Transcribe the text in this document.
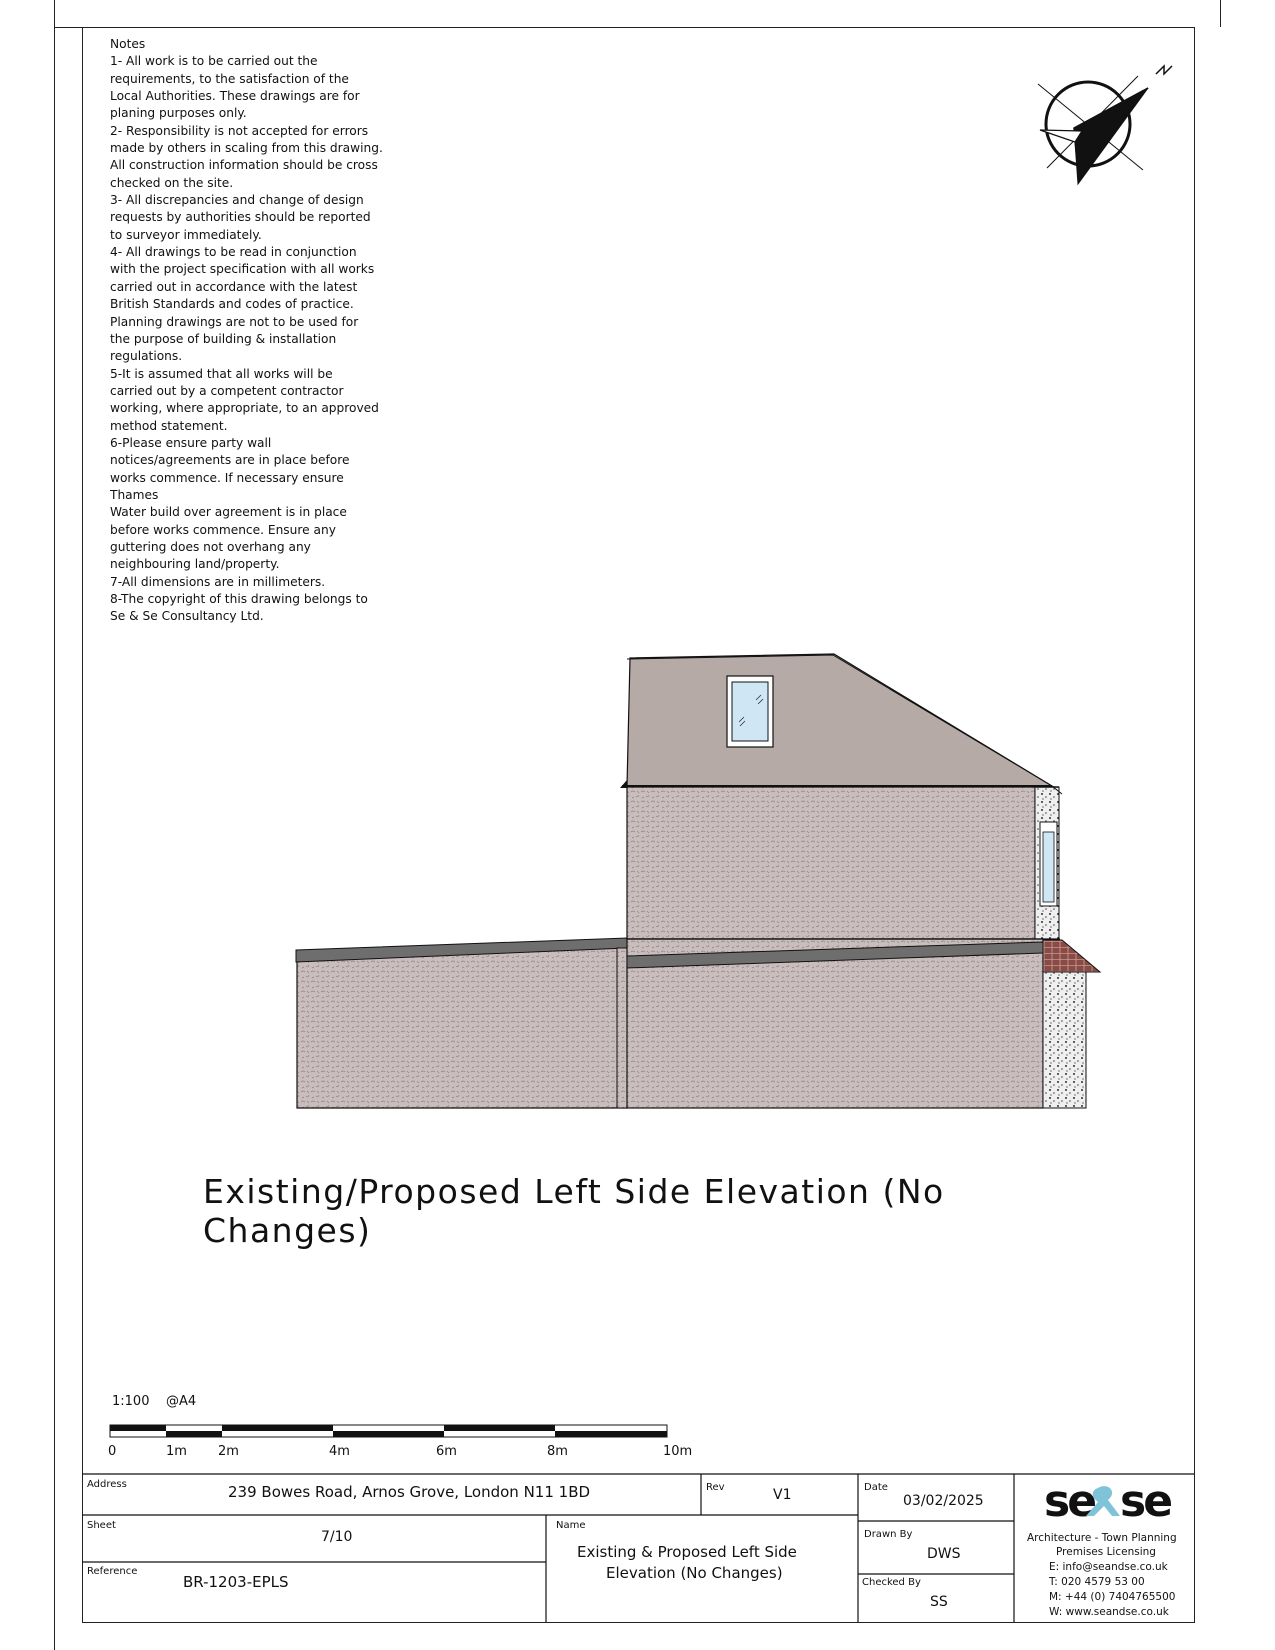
Notes
1- All work is to be carried out the
requirements, to the satisfaction of the
Local Authorities. These drawings are for
planing purposes only.
2- Responsibility is not accepted for errors
made by others in scaling from this drawing.
All construction information should be cross
checked on the site.
3- All discrepancies and change of design
requests by authorities should be reported
to surveyor immediately.
4- All drawings to be read in conjunction
with the project specification with all works
carried out in accordance with the latest
British Standards and codes of practice.
Planning drawings are not to be used for
the purpose of building & installation
regulations.
5-It is assumed that all works will be
carried out by a competent contractor
working, where appropriate, to an approved
method statement.
6-Please ensure party wall
notices/agreements are in place before
works commence. If necessary ensure
Thames
Water build over agreement is in place
before works commence. Ensure any
guttering does not overhang any
neighbouring land/property.
7-All dimensions are in millimeters.
8-The copyright of this drawing belongs to
Se & Se Consultancy Ltd.
Existing/Proposed Left Side Elevation (No Changes)
1:100 @A4
0	1m 2m	4m	6m	8m	10m
Address	239 Bowes Road, Arnos Grove, London N11 1BD	Rev	V1	Date
03/02/2025
Sheet
7/10
Name
Existing & Proposed Left Side
Elevation (No Changes)
Drawn By
DWS
Reference
BR-1203-EPLS	Checked By
SS
se se
Architecture - Town Planning
Premises Licensing
E: info@seandse.co.uk
T: 020 4579 53 00
M: +44 (0) 7404765500
W: www.seandse.co.uk
